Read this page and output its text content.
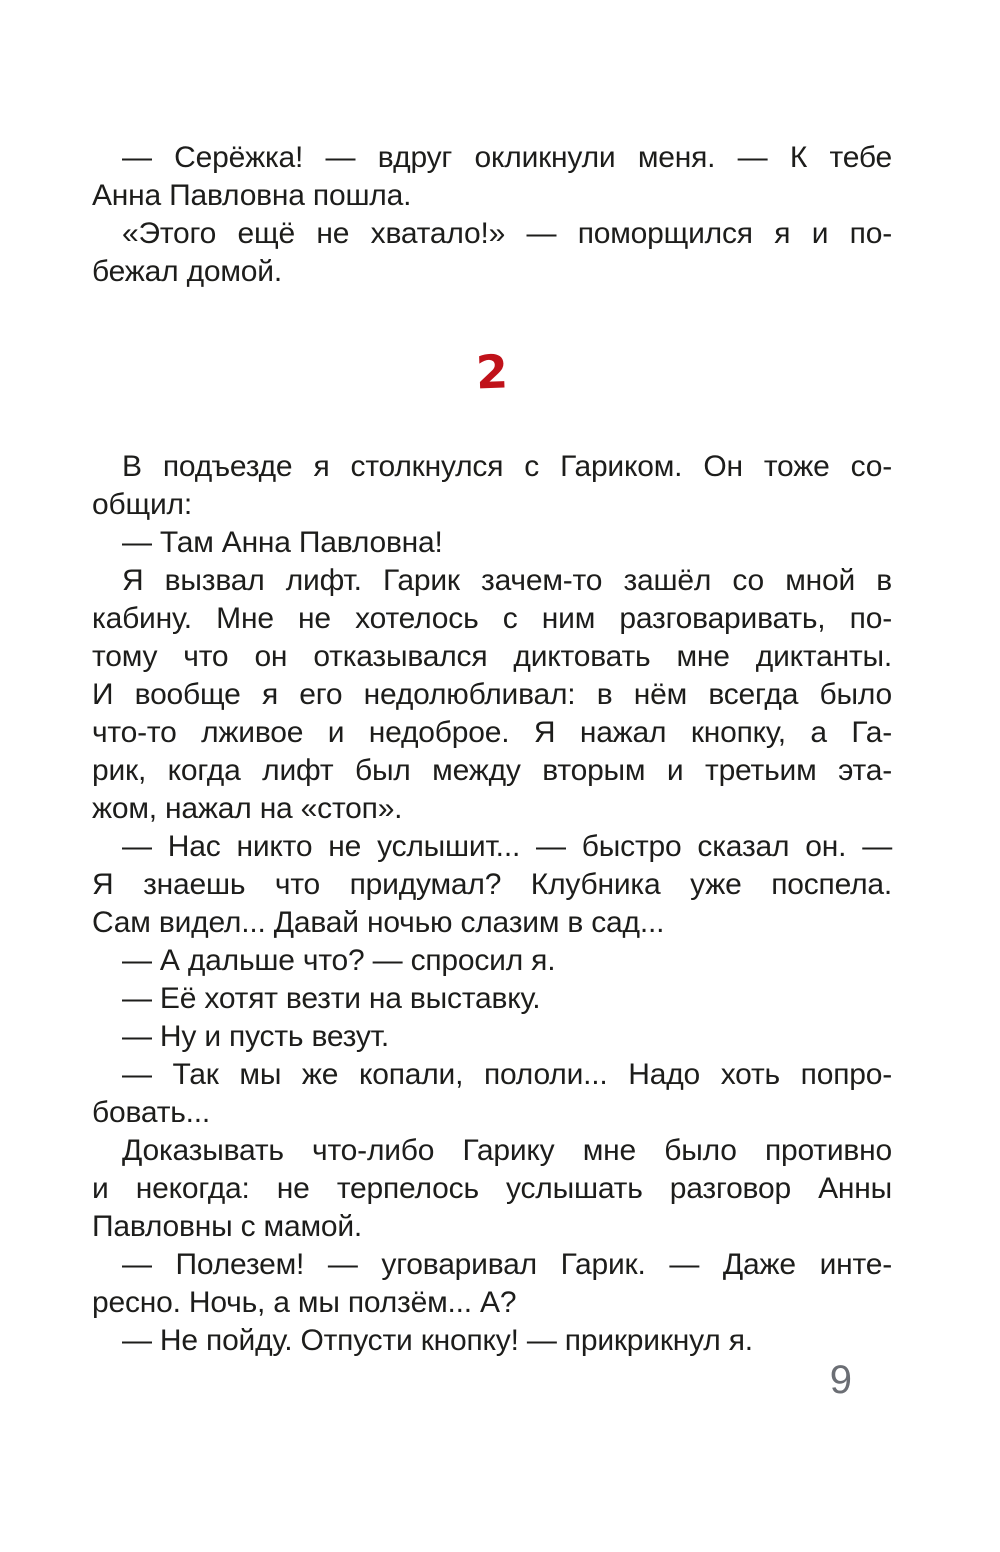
— Серёжка! — вдруг окликнули меня. — К тебе
Анна Павловна пошла.
«Этого ещё не хватало!» — поморщился я и по-
бежал домой.
2
В подъезде я столкнулся с Гариком. Он тоже со-
общил:
— Там Анна Павловна!
Я вызвал лифт. Гарик зачем-то зашёл со мной в
кабину. Мне не хотелось с ним разговаривать, по-
тому что он отказывался диктовать мне диктанты.
И вообще я его недолюбливал: в нём всегда было
что-то лживое и недоброе. Я нажал кнопку, а Га-
рик, когда лифт был между вторым и третьим эта-
жом, нажал на «стоп».
— Нас никто не услышит... — быстро сказал он. —
Я знаешь что придумал? Клубника уже поспела.
Сам видел... Давай ночью слазим в сад...
— А дальше что? — спросил я.
— Её хотят везти на выставку.
— Ну и пусть везут.
— Так мы же копали, пололи... Надо хоть попро-
бовать...
Доказывать что-либо Гарику мне было противно
и некогда: не терпелось услышать разговор Анны
Павловны с мамой.
— Полезем! — уговаривал Гарик. — Даже инте-
ресно. Ночь, а мы ползём... А?
— Не пойду. Отпусти кнопку! — прикрикнул я.
9
